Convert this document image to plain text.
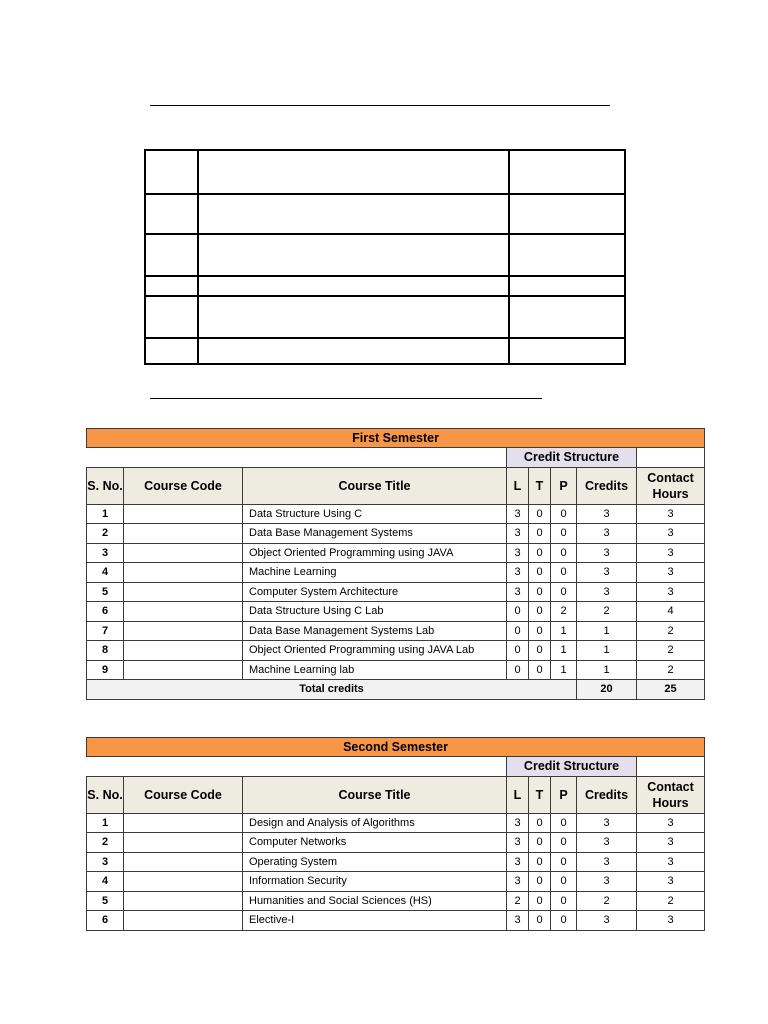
First Semester							
			Credit Structure				
S. No.	Course Code	Course Title	L	T	P	Credits	Contact Hours
1		Data Structure Using C	3	0	0	3	3
2		Data Base Management Systems	3	0	0	3	3
3		Object Oriented Programming using JAVA	3	0	0	3	3
4		Machine Learning	3	0	0	3	3
5		Computer System Architecture	3	0	0	3	3
6		Data Structure Using C Lab	0	0	2	2	4
7		Data Base Management Systems Lab	0	0	1	1	2
8		Object Oriented Programming using JAVA Lab	0	0	1	1	2
9		Machine Learning lab	0	0	1	1	2
Total credits						20	25
Second Semester							
			Credit Structure				
S. No.	Course Code	Course Title	L	T	P	Credits	Contact Hours
1		Design and Analysis of Algorithms	3	0	0	3	3
2		Computer Networks	3	0	0	3	3
3		Operating System	3	0	0	3	3
4		Information Security	3	0	0	3	3
5		Humanities and Social Sciences (HS)	2	0	0	2	2
6		Elective-I	3	0	0	3	3
